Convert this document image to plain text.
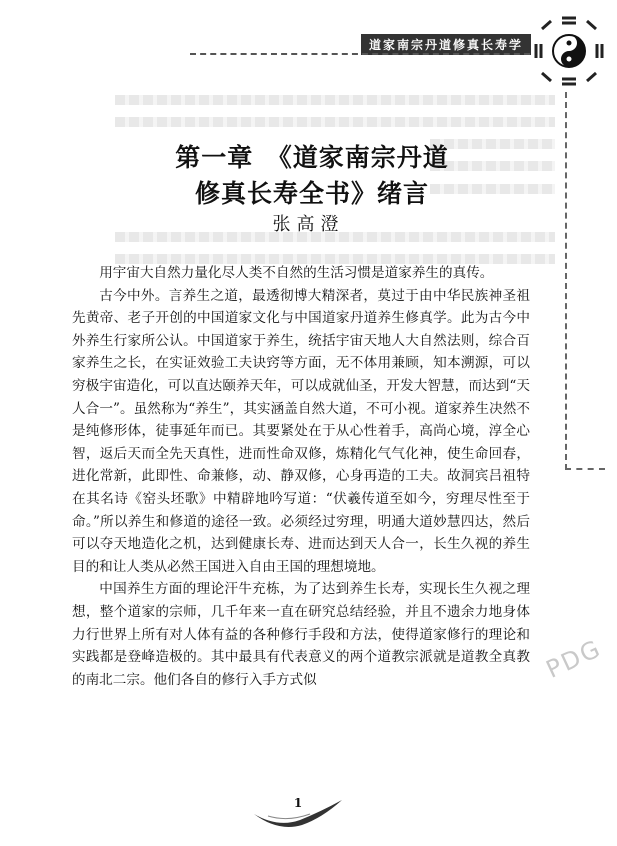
道家南宗丹道修真长寿学
第一章　《道家南宗丹道
修真长寿全书》绪言
张高澄

用宇宙大自然力量化尽人类不自然的生活习惯是道家养生的真传。

古今中外。言养生之道，最透彻博大精深者，莫过于由中华民族神圣祖先黄帝、老子开创的中国道家文化与中国道家丹道养生修真学。此为古今中外养生行家所公认。中国道家于养生，统括宇宙天地人大自然法则，综合百家养生之长，在实证效验工夫诀窍等方面，无不体用兼顾，知本溯源，可以穷极宇宙造化，可以直达颐养天年，可以成就仙圣，开发大智慧，而达到“天人合一”。虽然称为“养生”，其实涵盖自然大道，不可小视。道家养生决然不是纯修形体，徒事延年而已。其要紧处在于从心性着手，高尚心境，淳全心智，返后天而全先天真性，进而性命双修，炼精化气气化神，使生命回春，进化常新，此即性、命兼修，动、静双修，心身再造的工夫。故洞宾吕祖特在其名诗《窑头坯歌》中精辟地吟写道：“伏羲传道至如今，穷理尽性至于命。”所以养生和修道的途径一致。必须经过穷理，明通大道妙慧四达，然后可以夺天地造化之机，达到健康长寿、进而达到天人合一，长生久视的养生目的和让人类从必然王国进入自由王国的理想境地。

中国养生方面的理论汗牛充栋，为了达到养生长寿，实现长生久视之理想，整个道家的宗师，几千年来一直在研究总结经验，并且不遗余力地身体力行世界上所有对人体有益的各种修行手段和方法，使得道家修行的理论和实践都是登峰造极的。其中最具有代表意义的两个道教宗派就是道教全真教的南北二宗。他们各自的修行入手方式似	PDG
1
